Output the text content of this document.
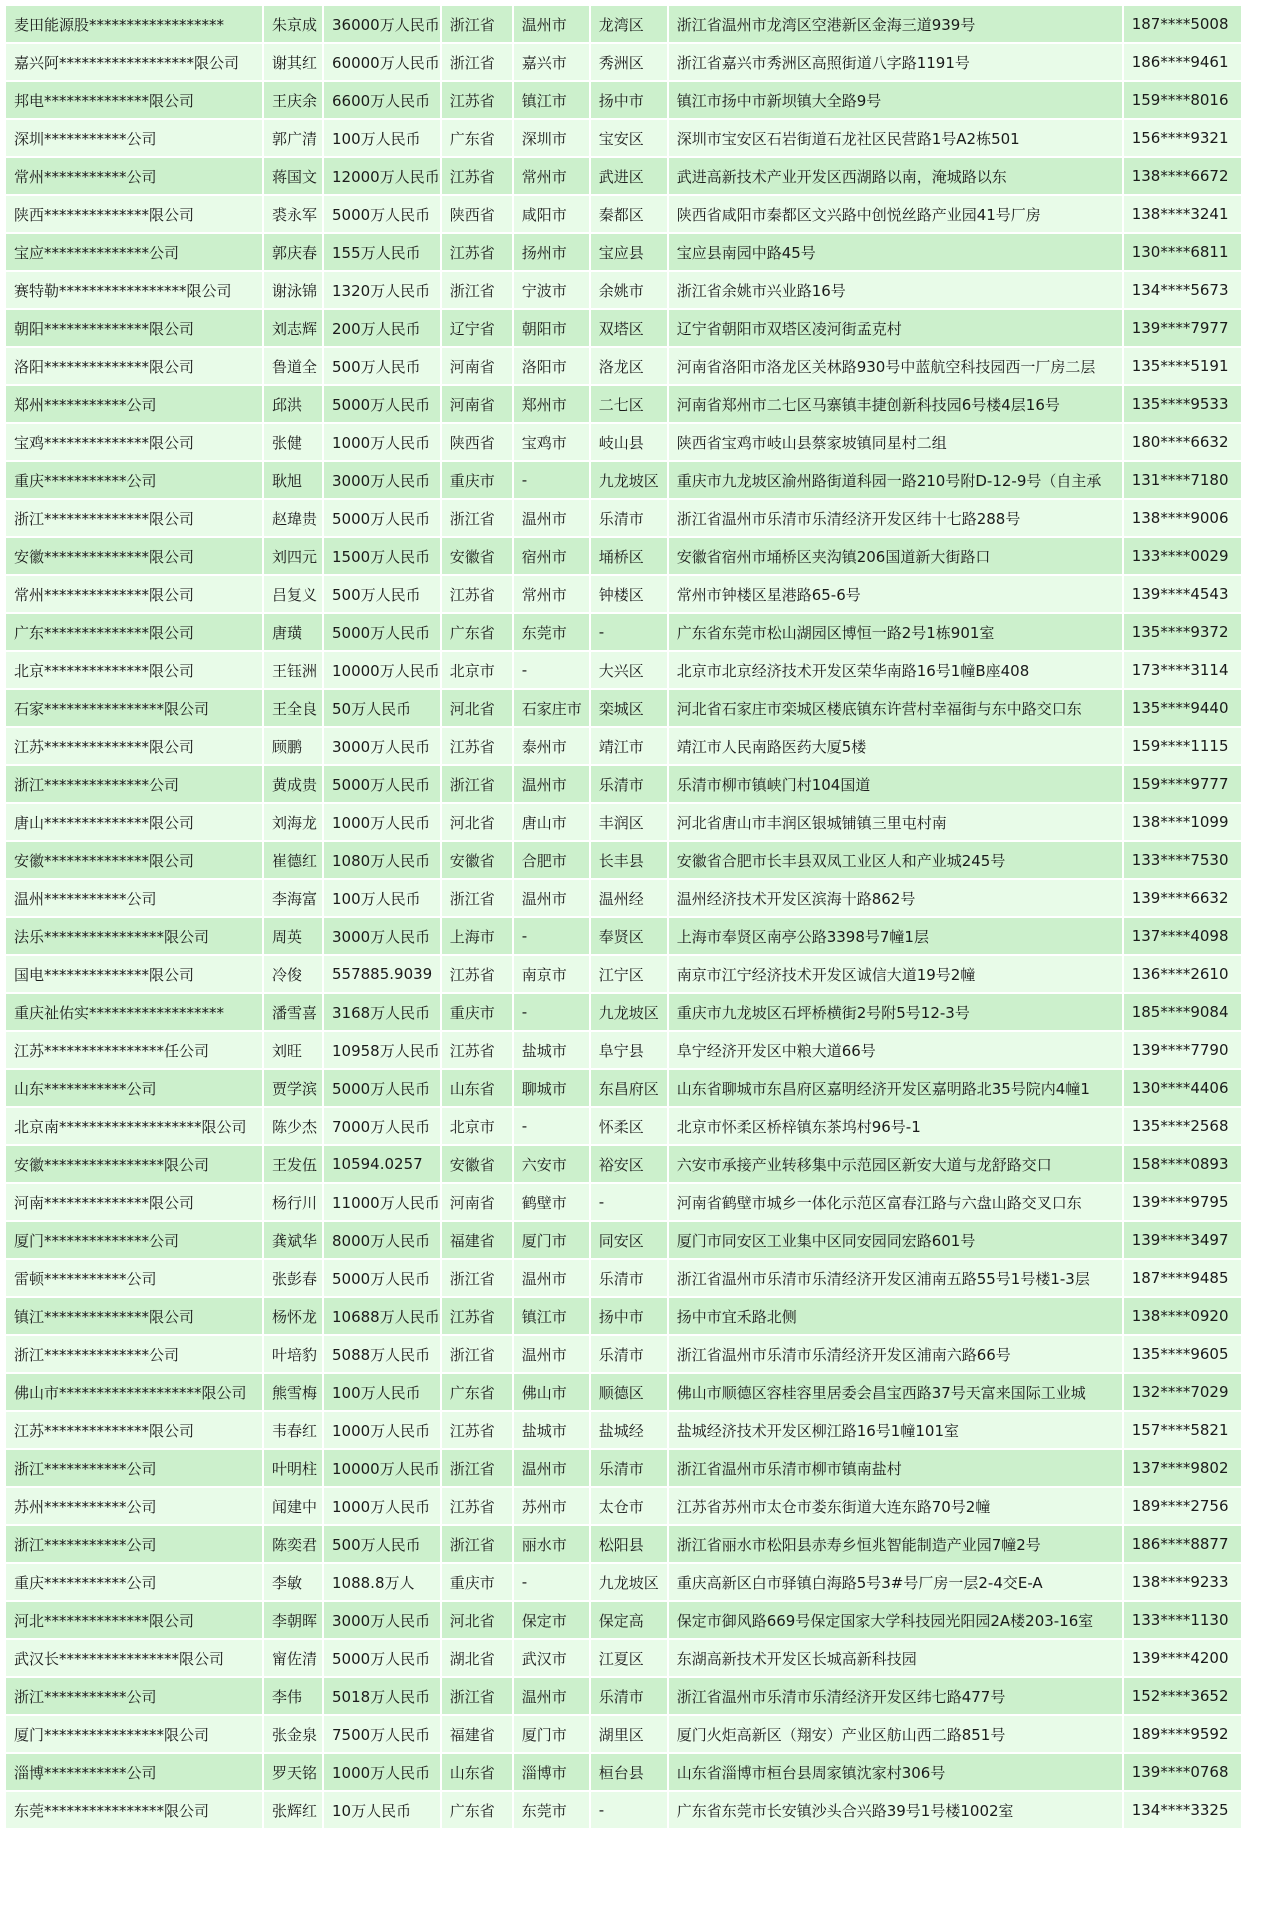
麦田能源股******************	朱京成	36000万人民币	浙江省	温州市	龙湾区	浙江省温州市龙湾区空港新区金海三道939号	187****5008
嘉兴阿******************限公司	谢其红	60000万人民币	浙江省	嘉兴市	秀洲区	浙江省嘉兴市秀洲区高照街道八字路1191号	186****9461
邦电**************限公司	王庆余	6600万人民币	江苏省	镇江市	扬中市	镇江市扬中市新坝镇大全路9号	159****8016
深圳***********公司	郭广清	100万人民币	广东省	深圳市	宝安区	深圳市宝安区石岩街道石龙社区民营路1号A2栋501	156****9321
常州***********公司	蒋国文	12000万人民币	江苏省	常州市	武进区	武进高新技术产业开发区西湖路以南，淹城路以东	138****6672
陕西**************限公司	裘永军	5000万人民币	陕西省	咸阳市	秦都区	陕西省咸阳市秦都区文兴路中创悦丝路产业园41号厂房	138****3241
宝应**************公司	郭庆春	155万人民币	江苏省	扬州市	宝应县	宝应县南园中路45号	130****6811
赛特勒*****************限公司	谢泳锦	1320万人民币	浙江省	宁波市	余姚市	浙江省余姚市兴业路16号	134****5673
朝阳**************限公司	刘志辉	200万人民币	辽宁省	朝阳市	双塔区	辽宁省朝阳市双塔区凌河街孟克村	139****7977
洛阳**************限公司	鲁道全	500万人民币	河南省	洛阳市	洛龙区	河南省洛阳市洛龙区关林路930号中蓝航空科技园西一厂房二层	135****5191
郑州***********公司	邱洪	5000万人民币	河南省	郑州市	二七区	河南省郑州市二七区马寨镇丰捷创新科技园6号楼4层16号	135****9533
宝鸡**************限公司	张健	1000万人民币	陕西省	宝鸡市	岐山县	陕西省宝鸡市岐山县蔡家坡镇同星村二组	180****6632
重庆***********公司	耿旭	3000万人民币	重庆市	-	九龙坡区	重庆市九龙坡区渝州路街道科园一路210号附D-12-9号（自主承	131****7180
浙江**************限公司	赵瑋贵	5000万人民币	浙江省	温州市	乐清市	浙江省温州市乐清市乐清经济开发区纬十七路288号	138****9006
安徽**************限公司	刘四元	1500万人民币	安徽省	宿州市	埇桥区	安徽省宿州市埇桥区夹沟镇206国道新大街路口	133****0029
常州**************限公司	吕复义	500万人民币	江苏省	常州市	钟楼区	常州市钟楼区星港路65-6号	139****4543
广东**************限公司	唐璜	5000万人民币	广东省	东莞市	-	广东省东莞市松山湖园区博恒一路2号1栋901室	135****9372
北京**************限公司	王钰洲	10000万人民币	北京市	-	大兴区	北京市北京经济技术开发区荣华南路16号1幢B座408	173****3114
石家****************限公司	王全良	50万人民币	河北省	石家庄市	栾城区	河北省石家庄市栾城区楼底镇东许营村幸福街与东中路交口东	135****9440
江苏**************限公司	顾鹏	3000万人民币	江苏省	泰州市	靖江市	靖江市人民南路医药大厦5楼	159****1115
浙江**************公司	黄成贵	5000万人民币	浙江省	温州市	乐清市	乐清市柳市镇峡门村104国道	159****9777
唐山**************限公司	刘海龙	1000万人民币	河北省	唐山市	丰润区	河北省唐山市丰润区银城铺镇三里屯村南	138****1099
安徽**************限公司	崔德红	1080万人民币	安徽省	合肥市	长丰县	安徽省合肥市长丰县双凤工业区人和产业城245号	133****7530
温州***********公司	李海富	100万人民币	浙江省	温州市	温州经	温州经济技术开发区滨海十路862号	139****6632
法乐****************限公司	周英	3000万人民币	上海市	-	奉贤区	上海市奉贤区南亭公路3398号7幢1层	137****4098
国电**************限公司	冷俊	557885.9039	江苏省	南京市	江宁区	南京市江宁经济技术开发区诚信大道19号2幢	136****2610
重庆祉佑实******************	潘雪喜	3168万人民币	重庆市	-	九龙坡区	重庆市九龙坡区石坪桥横街2号附5号12-3号	185****9084
江苏****************任公司	刘旺	10958万人民币	江苏省	盐城市	阜宁县	阜宁经济开发区中粮大道66号	139****7790
山东***********公司	贾学滨	5000万人民币	山东省	聊城市	东昌府区	山东省聊城市东昌府区嘉明经济开发区嘉明路北35号院内4幢1	130****4406
北京南*******************限公司	陈少杰	7000万人民币	北京市	-	怀柔区	北京市怀柔区桥梓镇东茶坞村96号-1	135****2568
安徽****************限公司	王发伍	10594.0257	安徽省	六安市	裕安区	六安市承接产业转移集中示范园区新安大道与龙舒路交口	158****0893
河南**************限公司	杨行川	11000万人民币	河南省	鹤壁市	-	河南省鹤壁市城乡一体化示范区富春江路与六盘山路交叉口东	139****9795
厦门**************公司	龚斌华	8000万人民币	福建省	厦门市	同安区	厦门市同安区工业集中区同安园同宏路601号	139****3497
雷顿***********公司	张彭春	5000万人民币	浙江省	温州市	乐清市	浙江省温州市乐清市乐清经济开发区浦南五路55号1号楼1-3层	187****9485
镇江**************限公司	杨怀龙	10688万人民币	江苏省	镇江市	扬中市	扬中市宜禾路北侧	138****0920
浙江**************公司	叶培豹	5088万人民币	浙江省	温州市	乐清市	浙江省温州市乐清市乐清经济开发区浦南六路66号	135****9605
佛山市*******************限公司	熊雪梅	100万人民币	广东省	佛山市	顺德区	佛山市顺德区容桂容里居委会昌宝西路37号天富来国际工业城	132****7029
江苏**************限公司	韦春红	1000万人民币	江苏省	盐城市	盐城经	盐城经济技术开发区柳江路16号1幢101室	157****5821
浙江***********公司	叶明柱	10000万人民币	浙江省	温州市	乐清市	浙江省温州市乐清市柳市镇南盐村	137****9802
苏州***********公司	闻建中	1000万人民币	江苏省	苏州市	太仓市	江苏省苏州市太仓市娄东街道大连东路70号2幢	189****2756
浙江***********公司	陈奕君	500万人民币	浙江省	丽水市	松阳县	浙江省丽水市松阳县赤寿乡恒兆智能制造产业园7幢2号	186****8877
重庆***********公司	李敏	1088.8万人	重庆市	-	九龙坡区	重庆高新区白市驿镇白海路5号3#号厂房一层2-4交E-A	138****9233
河北**************限公司	李朝晖	3000万人民币	河北省	保定市	保定高	保定市御风路669号保定国家大学科技园光阳园2A楼203-16室	133****1130
武汉长****************限公司	甯佐清	5000万人民币	湖北省	武汉市	江夏区	东湖高新技术开发区长城高新科技园	139****4200
浙江***********公司	李伟	5018万人民币	浙江省	温州市	乐清市	浙江省温州市乐清市乐清经济开发区纬七路477号	152****3652
厦门****************限公司	张金泉	7500万人民币	福建省	厦门市	湖里区	厦门火炬高新区（翔安）产业区舫山西二路851号	189****9592
淄博***********公司	罗天铭	1000万人民币	山东省	淄博市	桓台县	山东省淄博市桓台县周家镇沈家村306号	139****0768
东莞****************限公司	张辉红	10万人民币	广东省	东莞市	-	广东省东莞市长安镇沙头合兴路39号1号楼1002室	134****3325
